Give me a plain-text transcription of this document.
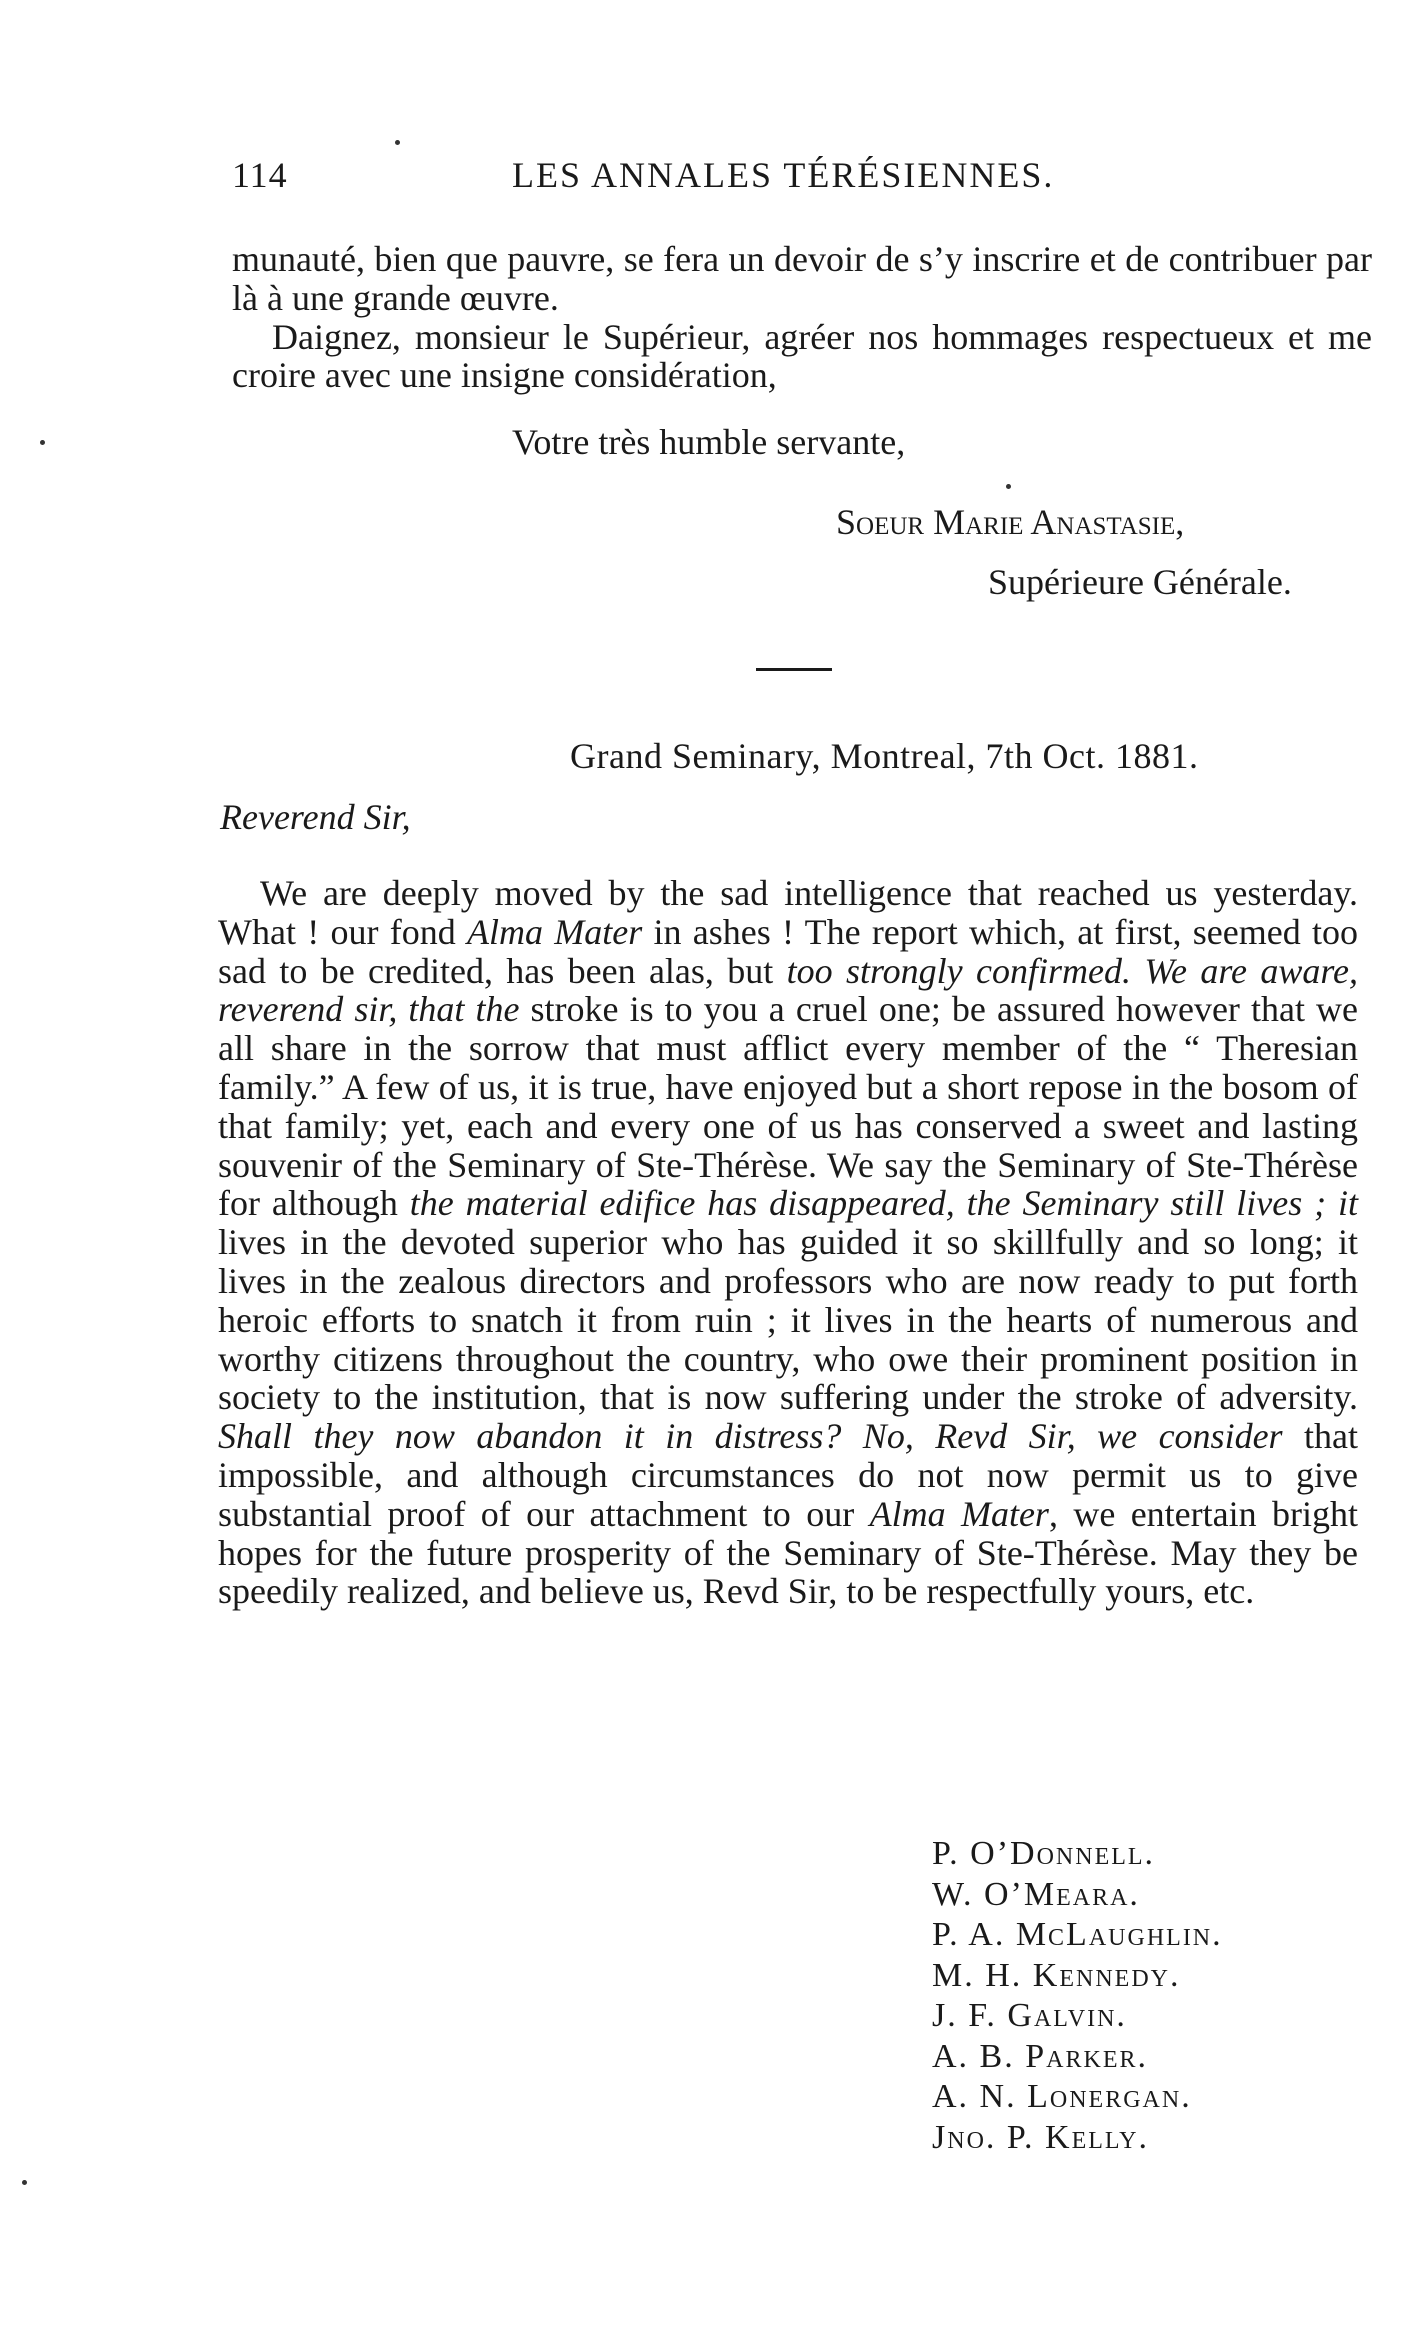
114	LES ANNALES TÉRÉSIENNES.
munauté, bien que pauvre, se fera un devoir de s’y inscrire et de contribuer par là à une grande œuvre.
Daignez, monsieur le Supérieur, agréer nos hommages respectueux et me croire avec une insigne considération,
Votre très humble servante,
Soeur Marie Anastasie,
Supérieure Générale.
Grand Seminary, Montreal, 7th Oct. 1881.
Reverend Sir,

We are deeply moved by the sad intelligence that reached us yesterday. What ! our fond Alma Mater in ashes ! The report which, at first, seemed too sad to be credited, has been alas, but too strongly confirmed. We are aware, reverend sir, that the stroke is to you a cruel one; be assured however that we all share in the sorrow that must afflict every member of the “ Theresian family.” A few of us, it is true, have enjoyed but a short repose in the bosom of that family; yet, each and every one of us has conserved a sweet and lasting souvenir of the Seminary of Ste-Thérèse. We say the Seminary of Ste-Thérèse for although the material edifice has disappeared, the Seminary still lives ; it lives in the devoted superior who has guided it so skillfully and so long; it lives in the zealous directors and professors who are now ready to put forth heroic efforts to snatch it from ruin ; it lives in the hearts of numerous and worthy citizens throughout the country, who owe their prominent position in society to the institution, that is now suffering under the stroke of adversity. Shall they now abandon it in distress? No, Revd Sir, we consider that impossible, and although circumstances do not now permit us to give substantial proof of our attachment to our Alma Mater, we entertain bright hopes for the future prosperity of the Seminary of Ste-Thérèse. May they be speedily realized, and believe us, Revd Sir, to be respectfully yours, etc.

P. O’Donnell.
W. O’Meara.
P. A. McLaughlin.
M. H. Kennedy.
J. F. Galvin.
A. B. Parker.
A. N. Lonergan.
Jno. P. Kelly.
